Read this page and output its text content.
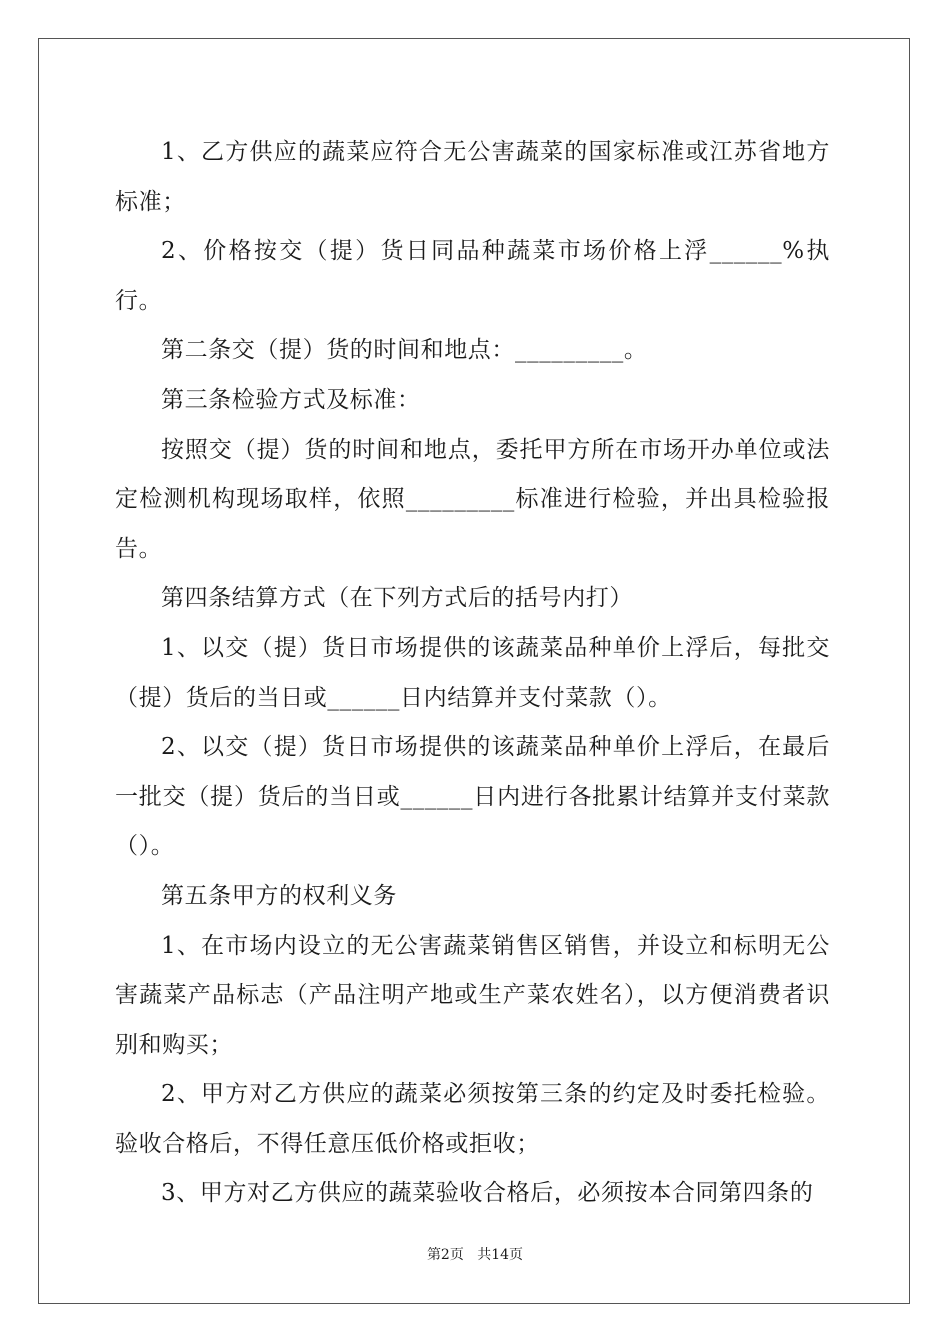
1、乙方供应的蔬菜应符合无公害蔬菜的国家标准或江苏省地方标准；

2、价格按交（提）货日同品种蔬菜市场价格上浮______%执行。

第二条交（提）货的时间和地点：_________。

第三条检验方式及标准：

按照交（提）货的时间和地点，委托甲方所在市场开办单位或法定检测机构现场取样，依照_________标准进行检验，并出具检验报告。

第四条结算方式（在下列方式后的括号内打）

1、以交（提）货日市场提供的该蔬菜品种单价上浮后，每批交（提）货后的当日或______日内结算并支付菜款（）。

2、以交（提）货日市场提供的该蔬菜品种单价上浮后，在最后一批交（提）货后的当日或______日内进行各批累计结算并支付菜款（）。

第五条甲方的权利义务

1、在市场内设立的无公害蔬菜销售区销售，并设立和标明无公害蔬菜产品标志（产品注明产地或生产菜农姓名），以方便消费者识别和购买；

2、甲方对乙方供应的蔬菜必须按第三条的约定及时委托检验。验收合格后，不得任意压低价格或拒收；

3、甲方对乙方供应的蔬菜验收合格后，必须按本合同第四条的

第2页 共14页
